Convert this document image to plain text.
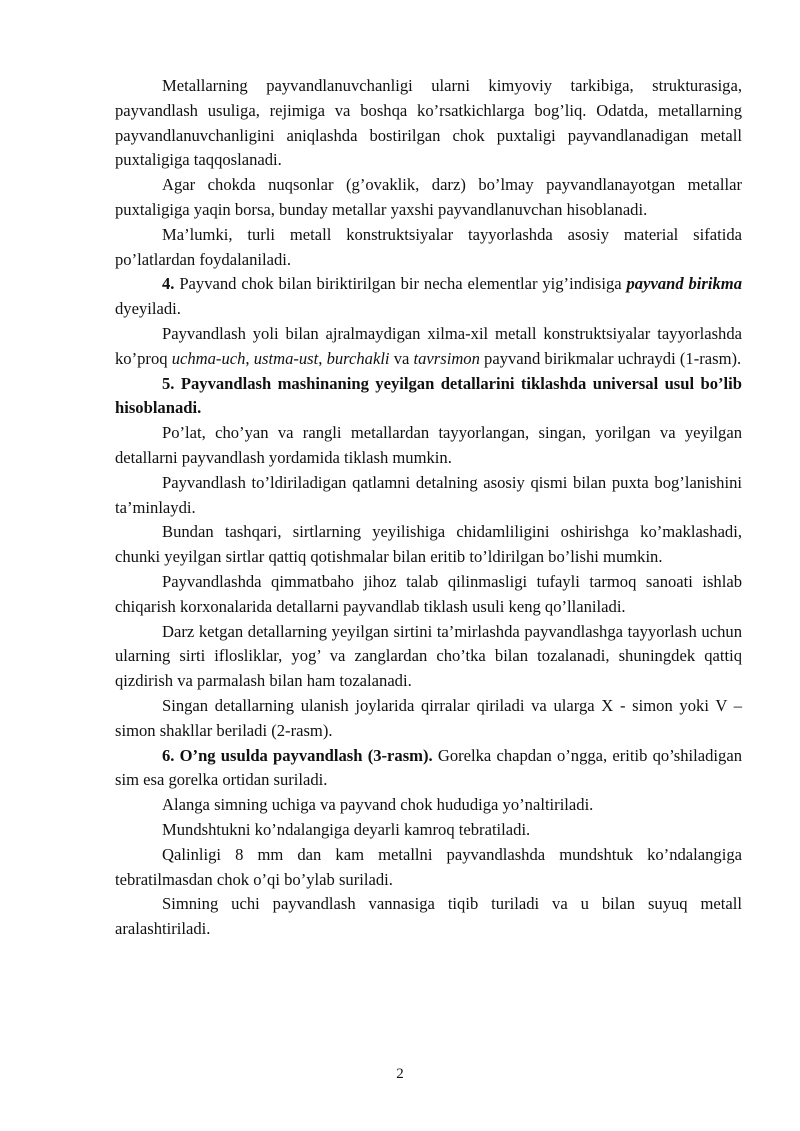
Metallarning payvandlanuvchanligi ularni kimyoviy tarkibiga, strukturasiga, payvandlash usuliga, rejimiga va boshqa ko’rsatkichlarga bog’liq. Odatda, metallarning payvandlanuvchanligini aniqlashda bostirilgan chok puxtaligi payvandlanadigan metall puxtaligiga taqqoslanadi.

Agar chokda nuqsonlar (g’ovaklik, darz) bo’lmay payvandlanayotgan metallar puxtaligiga yaqin borsa, bunday metallar yaxshi payvandlanuvchan hisoblanadi.

Ma’lumki, turli metall konstruktsiyalar tayyorlashda asosiy material sifatida po’latlardan foydalaniladi.

4. Payvand chok bilan biriktirilgan bir necha elementlar yig’indisiga payvand birikma dyeyiladi.

Payvandlash yoli bilan ajralmaydigan xilma-xil metall konstruktsiyalar tayyorlashda ko’proq uchma-uch, ustma-ust, burchakli va tavrsimon payvand birikmalar uchraydi (1-rasm).

5. Payvandlash mashinaning yeyilgan detallarini tiklashda universal usul bo’lib hisoblanadi.

Po’lat, cho’yan va rangli metallardan tayyorlangan, singan, yorilgan va yeyilgan detallarni payvandlash yordamida tiklash mumkin.

Payvandlash to’ldiriladigan qatlamni detalning asosiy qismi bilan puxta bog’lanishini ta’minlaydi.

Bundan tashqari, sirtlarning yeyilishiga chidamliligini oshirishga ko’maklashadi, chunki yeyilgan sirtlar qattiq qotishmalar bilan eritib to’ldirilgan bo’lishi mumkin.

Payvandlashda qimmatbaho jihoz talab qilinmasligi tufayli tarmoq sanoati ishlab chiqarish korxonalarida detallarni payvandlab tiklash usuli keng qo’llaniladi.

Darz ketgan detallarning yeyilgan sirtini ta’mirlashda payvandlashga tayyorlash uchun ularning sirti iflosliklar, yog’ va zanglardan cho’tka bilan tozalanadi, shuningdek qattiq qizdirish va parmalash bilan ham tozalanadi.

Singan detallarning ulanish joylarida qirralar qiriladi va ularga X - simon yoki V – simon shakllar beriladi (2-rasm).

6. O’ng usulda payvandlash (3-rasm). Gorelka chapdan o’ngga, eritib qo’shiladigan sim esa gorelka ortidan suriladi.

Alanga simning uchiga va payvand chok hududiga yo’naltiriladi.

Mundshtukni ko’ndalangiga deyarli kamroq tebratiladi.

Qalinligi 8 mm dan kam metallni payvandlashda mundshtuk ko’ndalangiga tebratilmasdan chok o’qi bo’ylab suriladi.

Simning uchi payvandlash vannasiga tiqib turiladi va u bilan suyuq metall aralashtiriladi.

2
